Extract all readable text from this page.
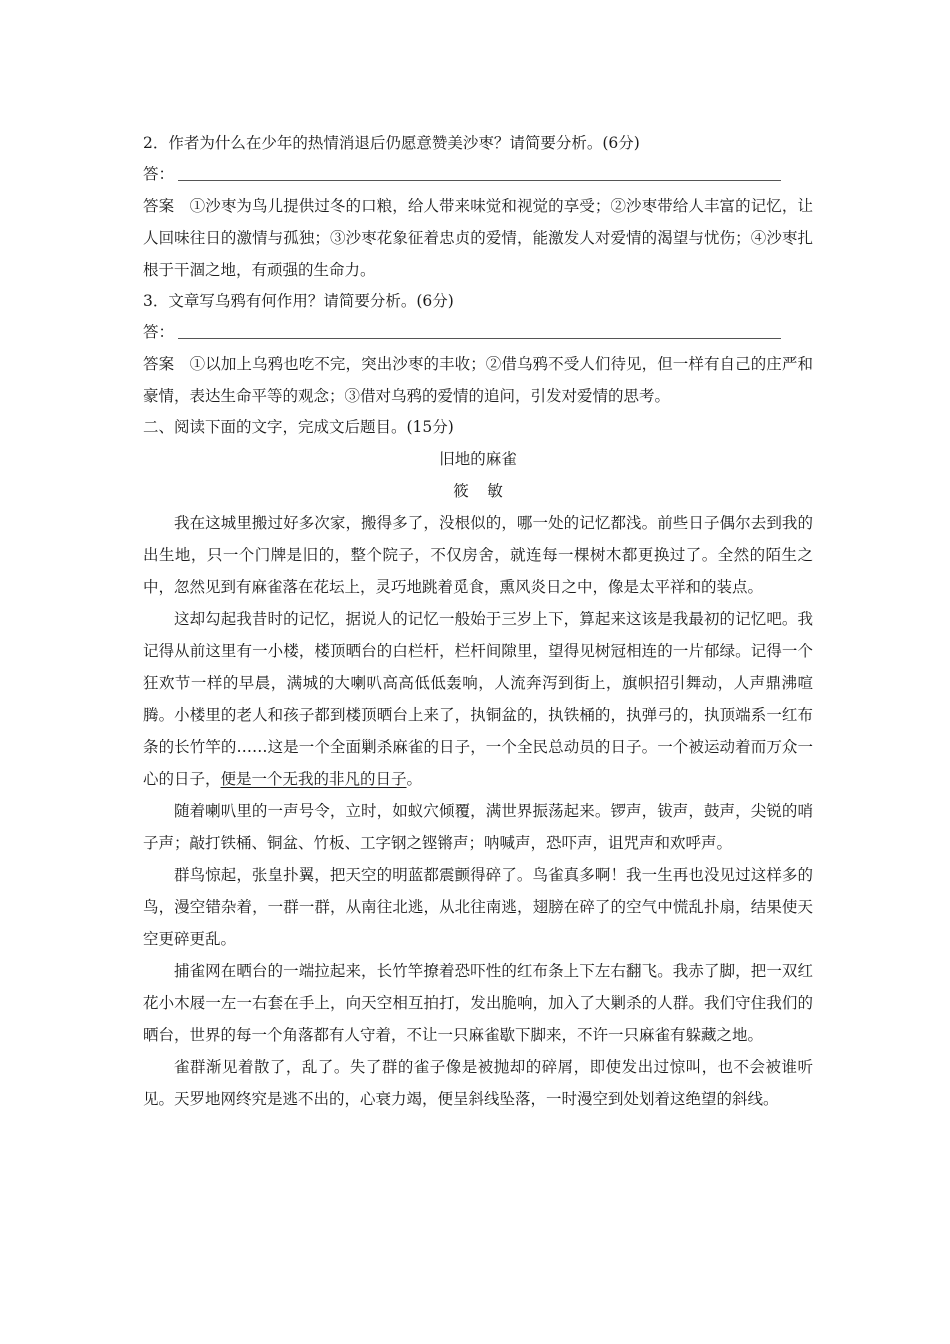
2．作者为什么在少年的热情消退后仍愿意赞美沙枣？请简要分析。(6分)

答：

答案 ①沙枣为鸟儿提供过冬的口粮，给人带来味觉和视觉的享受；②沙枣带给人丰富的记忆，让人回味往日的激情与孤独；③沙枣花象征着忠贞的爱情，能激发人对爱情的渴望与忧伤；④沙枣扎根于干涸之地，有顽强的生命力。

3．文章写乌鸦有何作用？请简要分析。(6分)

答：

答案 ①以加上乌鸦也吃不完，突出沙枣的丰收；②借乌鸦不受人们待见，但一样有自己的庄严和豪情，表达生命平等的观念；③借对乌鸦的爱情的追问，引发对爱情的思考。

二、阅读下面的文字，完成文后题目。(15分)

旧地的麻雀

筱敏

我在这城里搬过好多次家，搬得多了，没根似的，哪一处的记忆都浅。前些日子偶尔去到我的出生地，只一个门牌是旧的，整个院子，不仅房舍，就连每一棵树木都更换过了。全然的陌生之中，忽然见到有麻雀落在花坛上，灵巧地跳着觅食，熏风炎日之中，像是太平祥和的装点。

这却勾起我昔时的记忆，据说人的记忆一般始于三岁上下，算起来这该是我最初的记忆吧。我记得从前这里有一小楼，楼顶晒台的白栏杆，栏杆间隙里，望得见树冠相连的一片郁绿。记得一个狂欢节一样的早晨，满城的大喇叭高高低低轰响，人流奔泻到街上，旗帜招引舞动，人声鼎沸喧腾。小楼里的老人和孩子都到楼顶晒台上来了，执铜盆的，执铁桶的，执弹弓的，执顶端系一红布条的长竹竿的……这是一个全面剿杀麻雀的日子，一个全民总动员的日子。一个被运动着而万众一心的日子，便是一个无我的非凡的日子。

随着喇叭里的一声号令，立时，如蚁穴倾覆，满世界振荡起来。锣声，钹声，鼓声，尖锐的哨子声；敲打铁桶、铜盆、竹板、工字钢之铿锵声；呐喊声，恐吓声，诅咒声和欢呼声。

群鸟惊起，张皇扑翼，把天空的明蓝都震颤得碎了。鸟雀真多啊！我一生再也没见过这样多的鸟，漫空错杂着，一群一群，从南往北逃，从北往南逃，翅膀在碎了的空气中慌乱扑扇，结果使天空更碎更乱。

捕雀网在晒台的一端拉起来，长竹竿撩着恐吓性的红布条上下左右翻飞。我赤了脚，把一双红花小木屐一左一右套在手上，向天空相互拍打，发出脆响，加入了大剿杀的人群。我们守住我们的晒台，世界的每一个角落都有人守着，不让一只麻雀歇下脚来，不许一只麻雀有躲藏之地。

雀群渐见着散了，乱了。失了群的雀子像是被抛却的碎屑，即使发出过惊叫，也不会被谁听见。天罗地网终究是逃不出的，心衰力竭，便呈斜线坠落，一时漫空到处划着这绝望的斜线。
